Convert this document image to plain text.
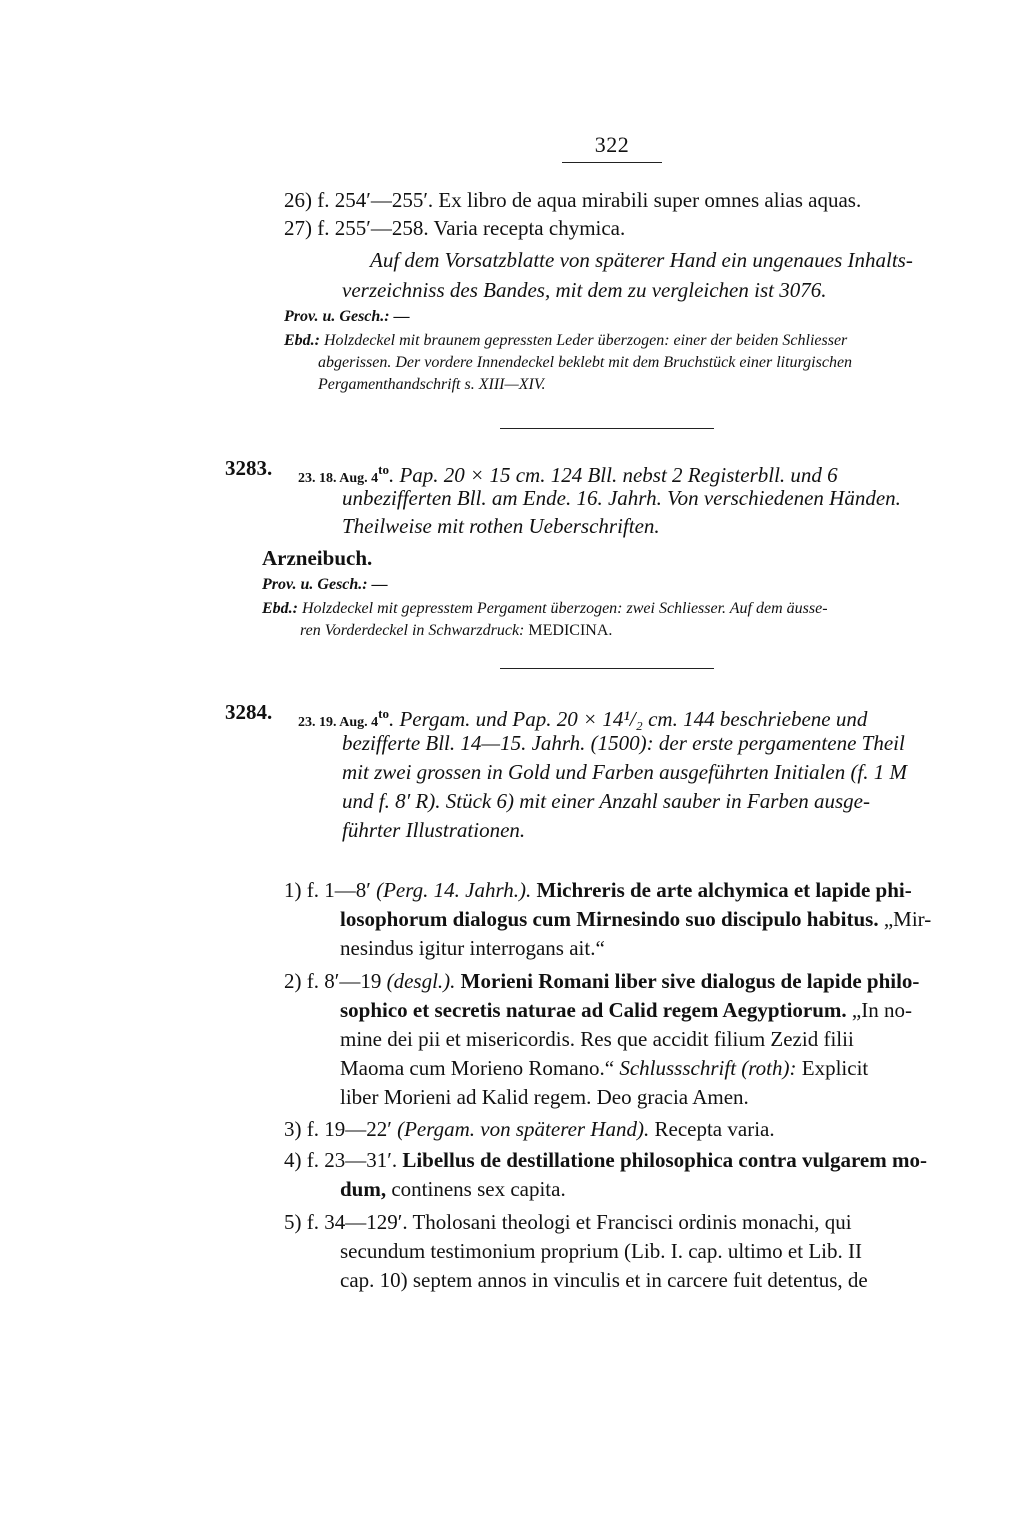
322
26) f. 254′—255′. Ex libro de aqua mirabili super omnes alias aquas.
27) f. 255′—258. Varia recepta chymica.
Auf dem Vorsatzblatte von späterer Hand ein ungenaues Inhalts-
verzeichniss des Bandes, mit dem zu vergleichen ist 3076.
Prov. u. Gesch.: —
Ebd.: Holzdeckel mit braunem gepressten Leder überzogen: einer der beiden Schliesser
abgerissen. Der vordere Innendeckel beklebt mit dem Bruchstück einer liturgischen
Pergamenthandschrift s. XIII—XIV.
3283. 23. 18. Aug. $4^{to}$. Pap. 20 × 15 cm. 124 Bll. nebst 2 Registerbll. und 6
unbezifferten Bll. am Ende. 16. Jahrh. Von verschiedenen Händen.
Theilweise mit rothen Ueberschriften.
Arzneibuch.
Prov. u. Gesch.: —
Ebd.: Holzdeckel mit gepresstem Pergament überzogen: zwei Schliesser. Auf dem äusse-
ren Vorderdeckel in Schwarzdruck: MEDICINA.
3284. 23. 19. Aug. $4^{to}$. Pergam. und Pap. 20 × 14¹/₂ cm. 144 beschriebene und
bezifferte Bll. 14—15. Jahrh. (1500): der erste pergamentene Theil
mit zwei grossen in Gold und Farben ausgeführten Initialen (f. 1 M
und f. 8′ R). Stück 6) mit einer Anzahl sauber in Farben ausge-
führter Illustrationen.
1) f. 1—8′ (Perg. 14. Jahrh.). Michreris de arte alchymica et lapide phi-
losophorum dialogus cum Mirnesindo suo discipulo habitus. „Mir-
nesindus igitur interrogans ait.“
2) f. 8′—19 (desgl.). Morieni Romani liber sive dialogus de lapide philo-
sophico et secretis naturae ad Calid regem Aegyptiorum. „In no-
mine dei pii et misericordis. Res que accidit filium Zezid filii
Maoma cum Morieno Romano.“ Schlussschrift (roth): Explicit
liber Morieni ad Kalid regem. Deo gracia Amen.
3) f. 19—22′ (Pergam. von späterer Hand). Recepta varia.
4) f. 23—31′. Libellus de destillatione philosophica contra vulgarem mo-
dum, continens sex capita.
5) f. 34—129′. Tholosani theologi et Francisci ordinis monachi, qui
secundum testimonium proprium (Lib. I. cap. ultimo et Lib. II
cap. 10) septem annos in vinculis et in carcere fuit detentus, de
